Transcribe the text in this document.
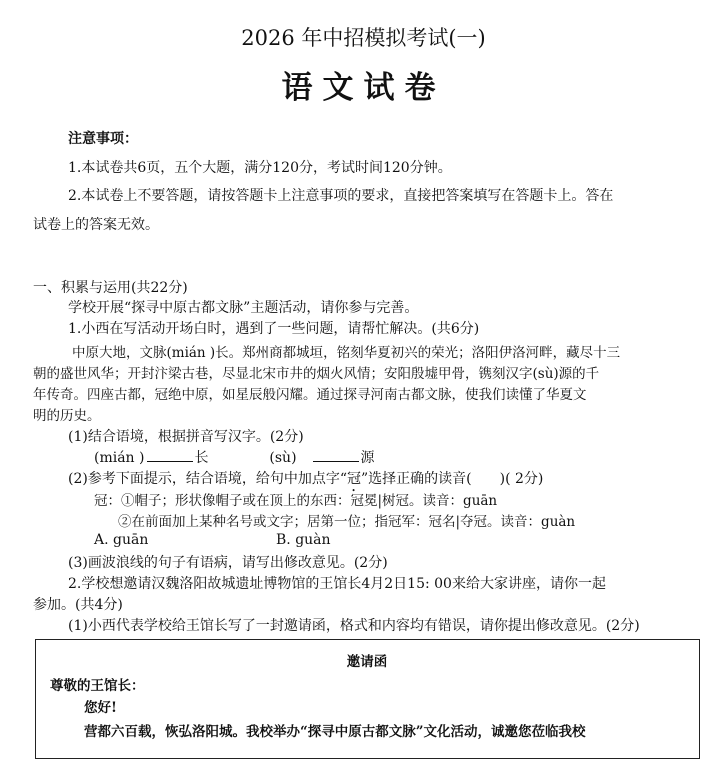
2026 年中招模拟考试(一)
语文试卷
注意事项：
1.本试卷共6页，五个大题，满分120分，考试时间120分钟。
2.本试卷上不要答题，请按答题卡上注意事项的要求，直接把答案填写在答题卡上。答在
试卷上的答案无效。
一、积累与运用(共22分)
学校开展“探寻中原古都文脉”主题活动，请你参与完善。
1.小西在写活动开场白时，遇到了一些问题，请帮忙解决。(共6分)
中原大地，文脉(mián )长。郑州商都城垣，铭刻华夏初兴的荣光；洛阳伊洛河畔，藏尽十三
朝的盛世风华；开封汴梁古巷，尽显北宋市井的烟火风情；安阳殷墟甲骨，镌刻汉字(sù)源的千
年传奇。四座古都，冠绝中原，如星辰般闪耀。通过探寻河南古都文脉，使我们读懂了华夏文
明的历史。
(1)结合语境，根据拼音写汉字。(2分)
(mián )	长	(sù)	源
(2)参考下面提示，结合语境，给句中加点字“冠”选择正确的读音(　　)( 2分)
冠：①帽子；形状像帽子或在顶上的东西：冠冕|树冠。读音：guān
②在前面加上某种名号或文字；居第一位；指冠军：冠名|夺冠。读音：guàn
A. guān	B. guàn
(3)画波浪线的句子有语病，请写出修改意见。(2分)
2.学校想邀请汉魏洛阳故城遗址博物馆的王馆长4月2日15: 00来给大家讲座，请你一起
参加。(共4分)
(1)小西代表学校给王馆长写了一封邀请函，格式和内容均有错误，请你提出修改意见。(2分)
邀请函
尊敬的王馆长：
您好!
营都六百载，恢弘洛阳城。我校举办“探寻中原古都文脉”文化活动，诚邀您莅临我校
